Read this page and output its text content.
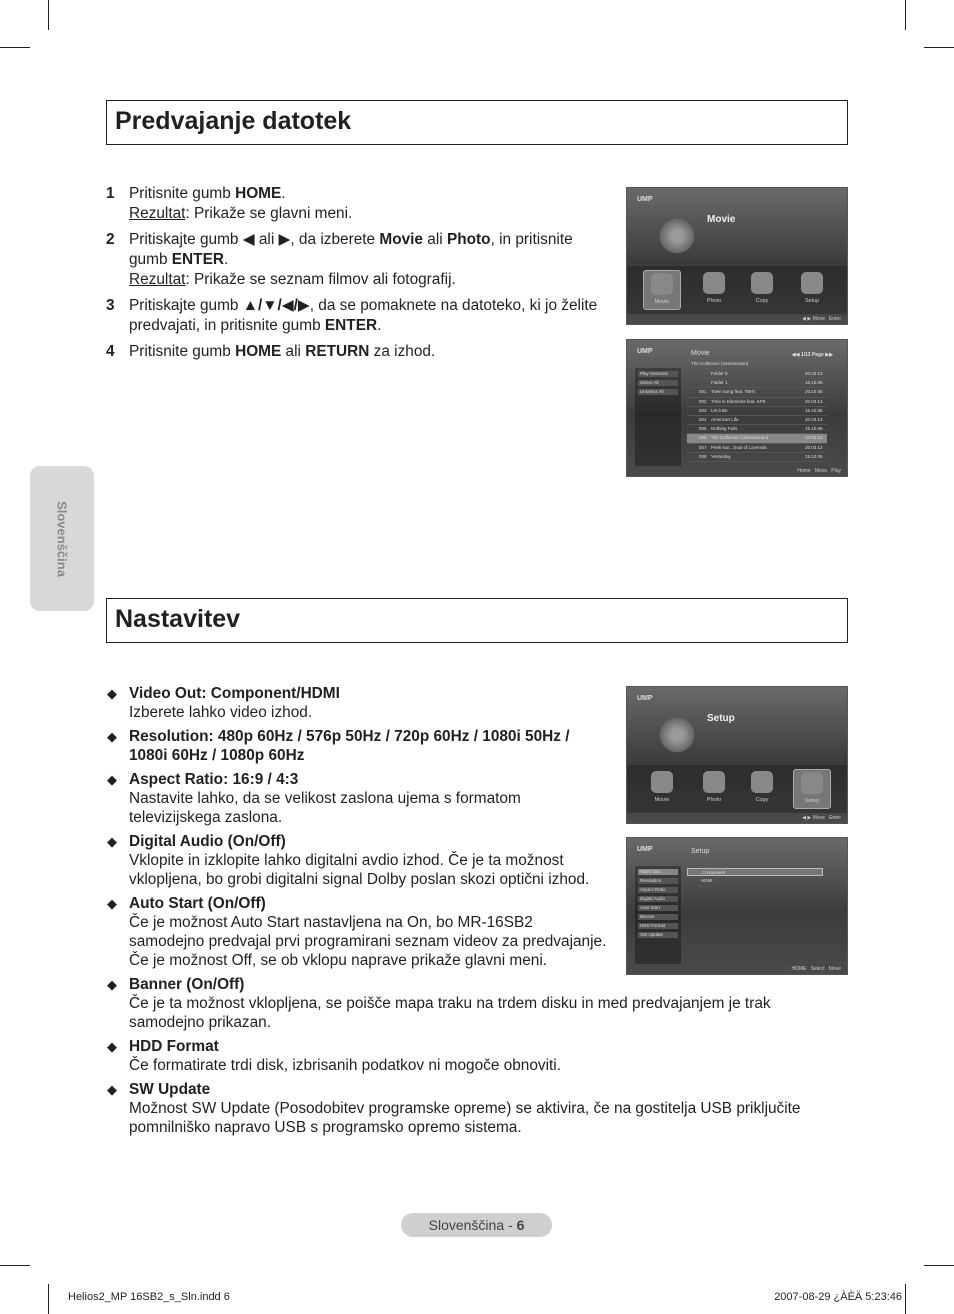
Predvajanje datotek
Nastavitev
Slovenščina
1 Pritisnite gumb HOME.
Rezultat: Prikaže se glavni meni.
2 Pritiskajte gumb ◀ ali ▶, da izberete Movie ali Photo, in pritisnite gumb ENTER.
Rezultat: Prikaže se seznam filmov ali fotografij.
3 Pritiskajte gumb ▲/▼/◀/▶, da se pomaknete na datoteko, ki jo želite predvajati, in pritisnite gumb ENTER.
4 Pritisnite gumb HOME ali RETURN za izhod.
UMP
Movie
Movie	Photo	Copy	Setup
◀ ▶ Move Enter
UMP	Movie	◀◀ 1/13 Page ▶▶
Play Selected
Select All
Unselect All
The Collection (Intermission)
Folder 0	20.03.13
Folder 1	15.10.06
001 Town Song feat. TBHt	20.10.06
002 Time Is Elements feat. KPK	20.03.13
003 Let it Be	15.10.06
004 American Life	20.03.13
005 Nothing Fails	15.10.06
006 The Collection (Intermission)	20.03.13
007 Peek Nor...Soul of Lovemds	20.03.13
008 Yesterday	15.10.06
Home Move Play
UMP
Setup
Movie	Photo	Copy	Setup
◀ ▶ Move Enter
UMP	Setup
Video Out
Resolution
Aspect Ratio
Digital Audio
Auto Start
Banner
HDD Format
SW Update
Component
HDMI
HOME Select Move
◆ Video Out: Component/HDMI
Izberete lahko video izhod.
◆ Resolution: 480p 60Hz / 576p 50Hz / 720p 60Hz / 1080i 50Hz / 1080i 60Hz / 1080p 60Hz
◆ Aspect Ratio: 16:9 / 4:3
Nastavite lahko, da se velikost zaslona ujema s formatom televizijskega zaslona.
◆ Digital Audio (On/Off)
Vklopite in izklopite lahko digitalni avdio izhod. Če je ta možnost vklopljena, bo grobi digitalni signal Dolby poslan skozi optični izhod.
◆ Auto Start (On/Off)
Če je možnost Auto Start nastavljena na On, bo MR-16SB2 samodejno predvajal prvi programirani seznam videov za predvajanje. Če je možnost Off, se ob vklopu naprave prikaže glavni meni.
◆ Banner (On/Off)
Če je ta možnost vklopljena, se poišče mapa traku na trdem disku in med predvajanjem je trak samodejno prikazan.
◆ HDD Format
Če formatirate trdi disk, izbrisanih podatkov ni mogoče obnoviti.
◆ SW Update
Možnost SW Update (Posodobitev programske opreme) se aktivira, če na gostitelja USB priključite pomnilniško napravo USB s programsko opremo sistema.
Slovenščina - 6
Helios2_MP 16SB2_s_Sln.indd 6	2007-08-29 ¿ÀÈÄ 5:23:46
